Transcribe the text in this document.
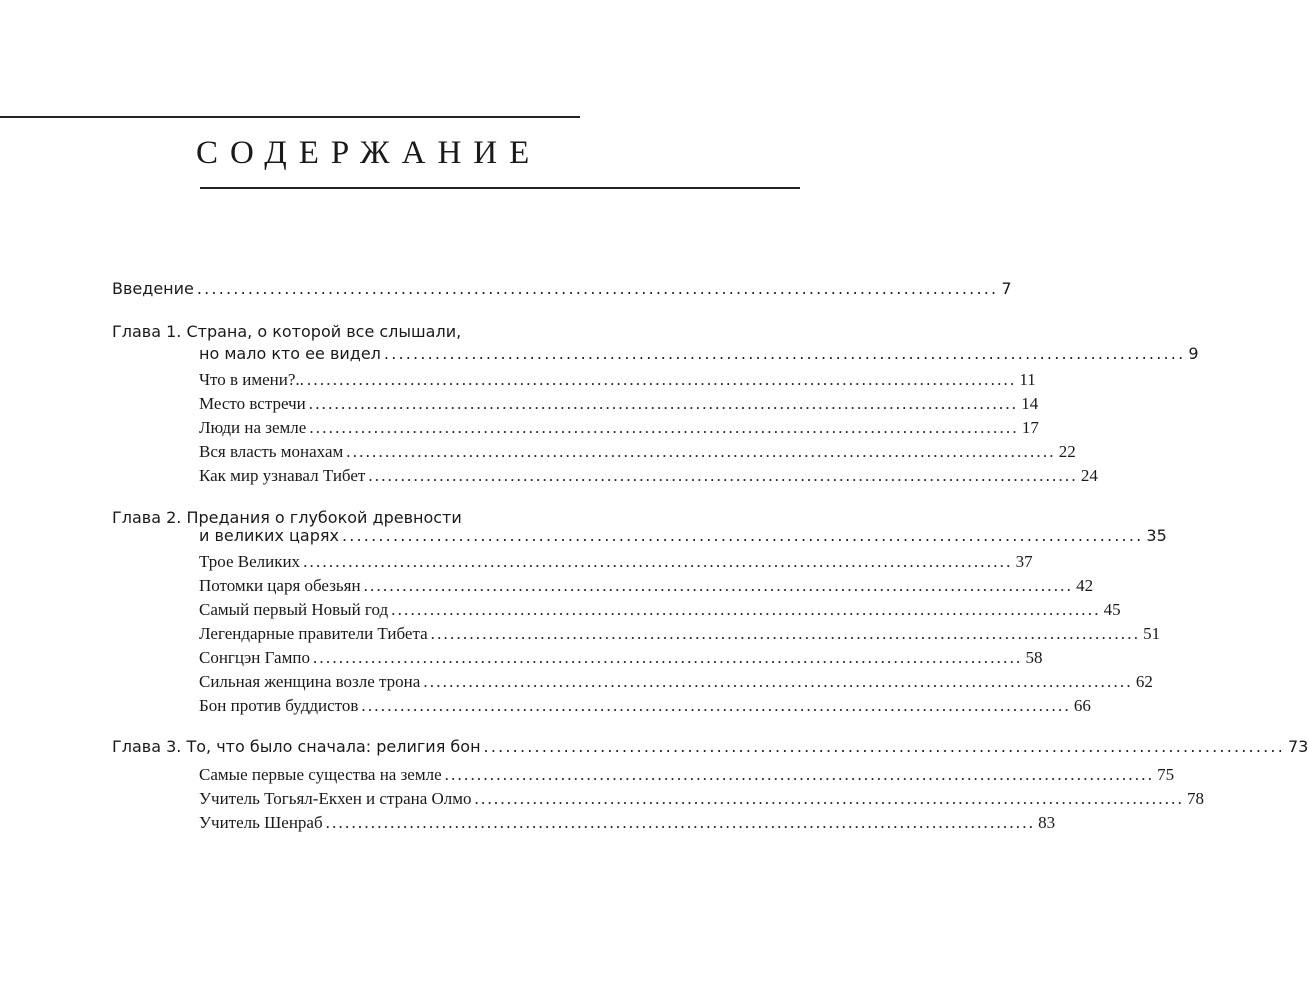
СОДЕРЖАНИЕ
Введение .............................................................................................................. 7
Глава 1. Страна, о которой все слышали,
но мало кто ее видел .............................................................................................................. 9
Что в имени?.. .............................................................................................................. 11
Место встречи .............................................................................................................. 14
Люди на земле .............................................................................................................. 17
Вся власть монахам .............................................................................................................. 22
Как мир узнавал Тибет .............................................................................................................. 24
Глава 2. Предания о глубокой древности
и великих царях .............................................................................................................. 35
Трое Великих .............................................................................................................. 37
Потомки царя обезьян .............................................................................................................. 42
Самый первый Новый год .............................................................................................................. 45
Легендарные правители Тибета .............................................................................................................. 51
Сонгцэн Гампо .............................................................................................................. 58
Сильная женщина возле трона .............................................................................................................. 62
Бон против буддистов .............................................................................................................. 66
Глава 3. То, что было сначала: религия бон .............................................................................................................. 73
Самые первые существа на земле .............................................................................................................. 75
Учитель Тогьял-Екхен и страна Олмо .............................................................................................................. 78
Учитель Шенраб .............................................................................................................. 83
